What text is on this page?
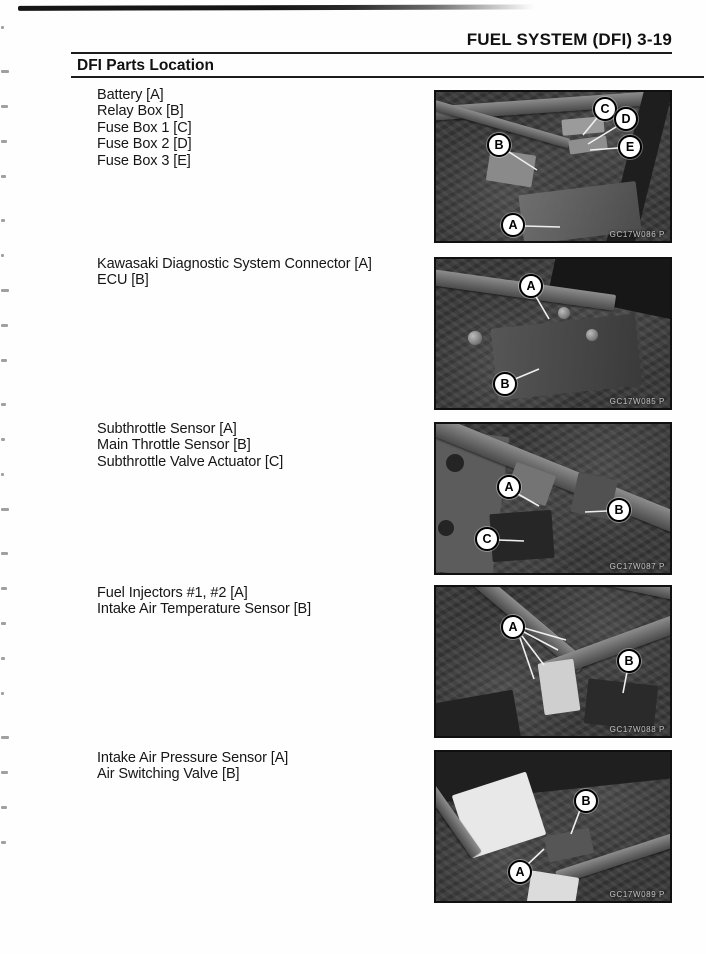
FUEL SYSTEM (DFI) 3-19
DFI Parts Location
Battery [A]
Relay Box [B]
Fuse Box 1 [C]
Fuse Box 2 [D]
Fuse Box 3 [E]
A
B
C
D
E
GC17W086 P
Kawasaki Diagnostic System Connector [A]
ECU [B]	A
B
GC17W085 P
Subthrottle Sensor [A]
Main Throttle Sensor [B]
Subthrottle Valve Actuator [C]
A
B
C
GC17W087 P
Fuel Injectors #1, #2 [A]
Intake Air Temperature Sensor [B]
A
B
GC17W088 P
Intake Air Pressure Sensor [A]
Air Switching Valve [B]
B
A
GC17W089 P
